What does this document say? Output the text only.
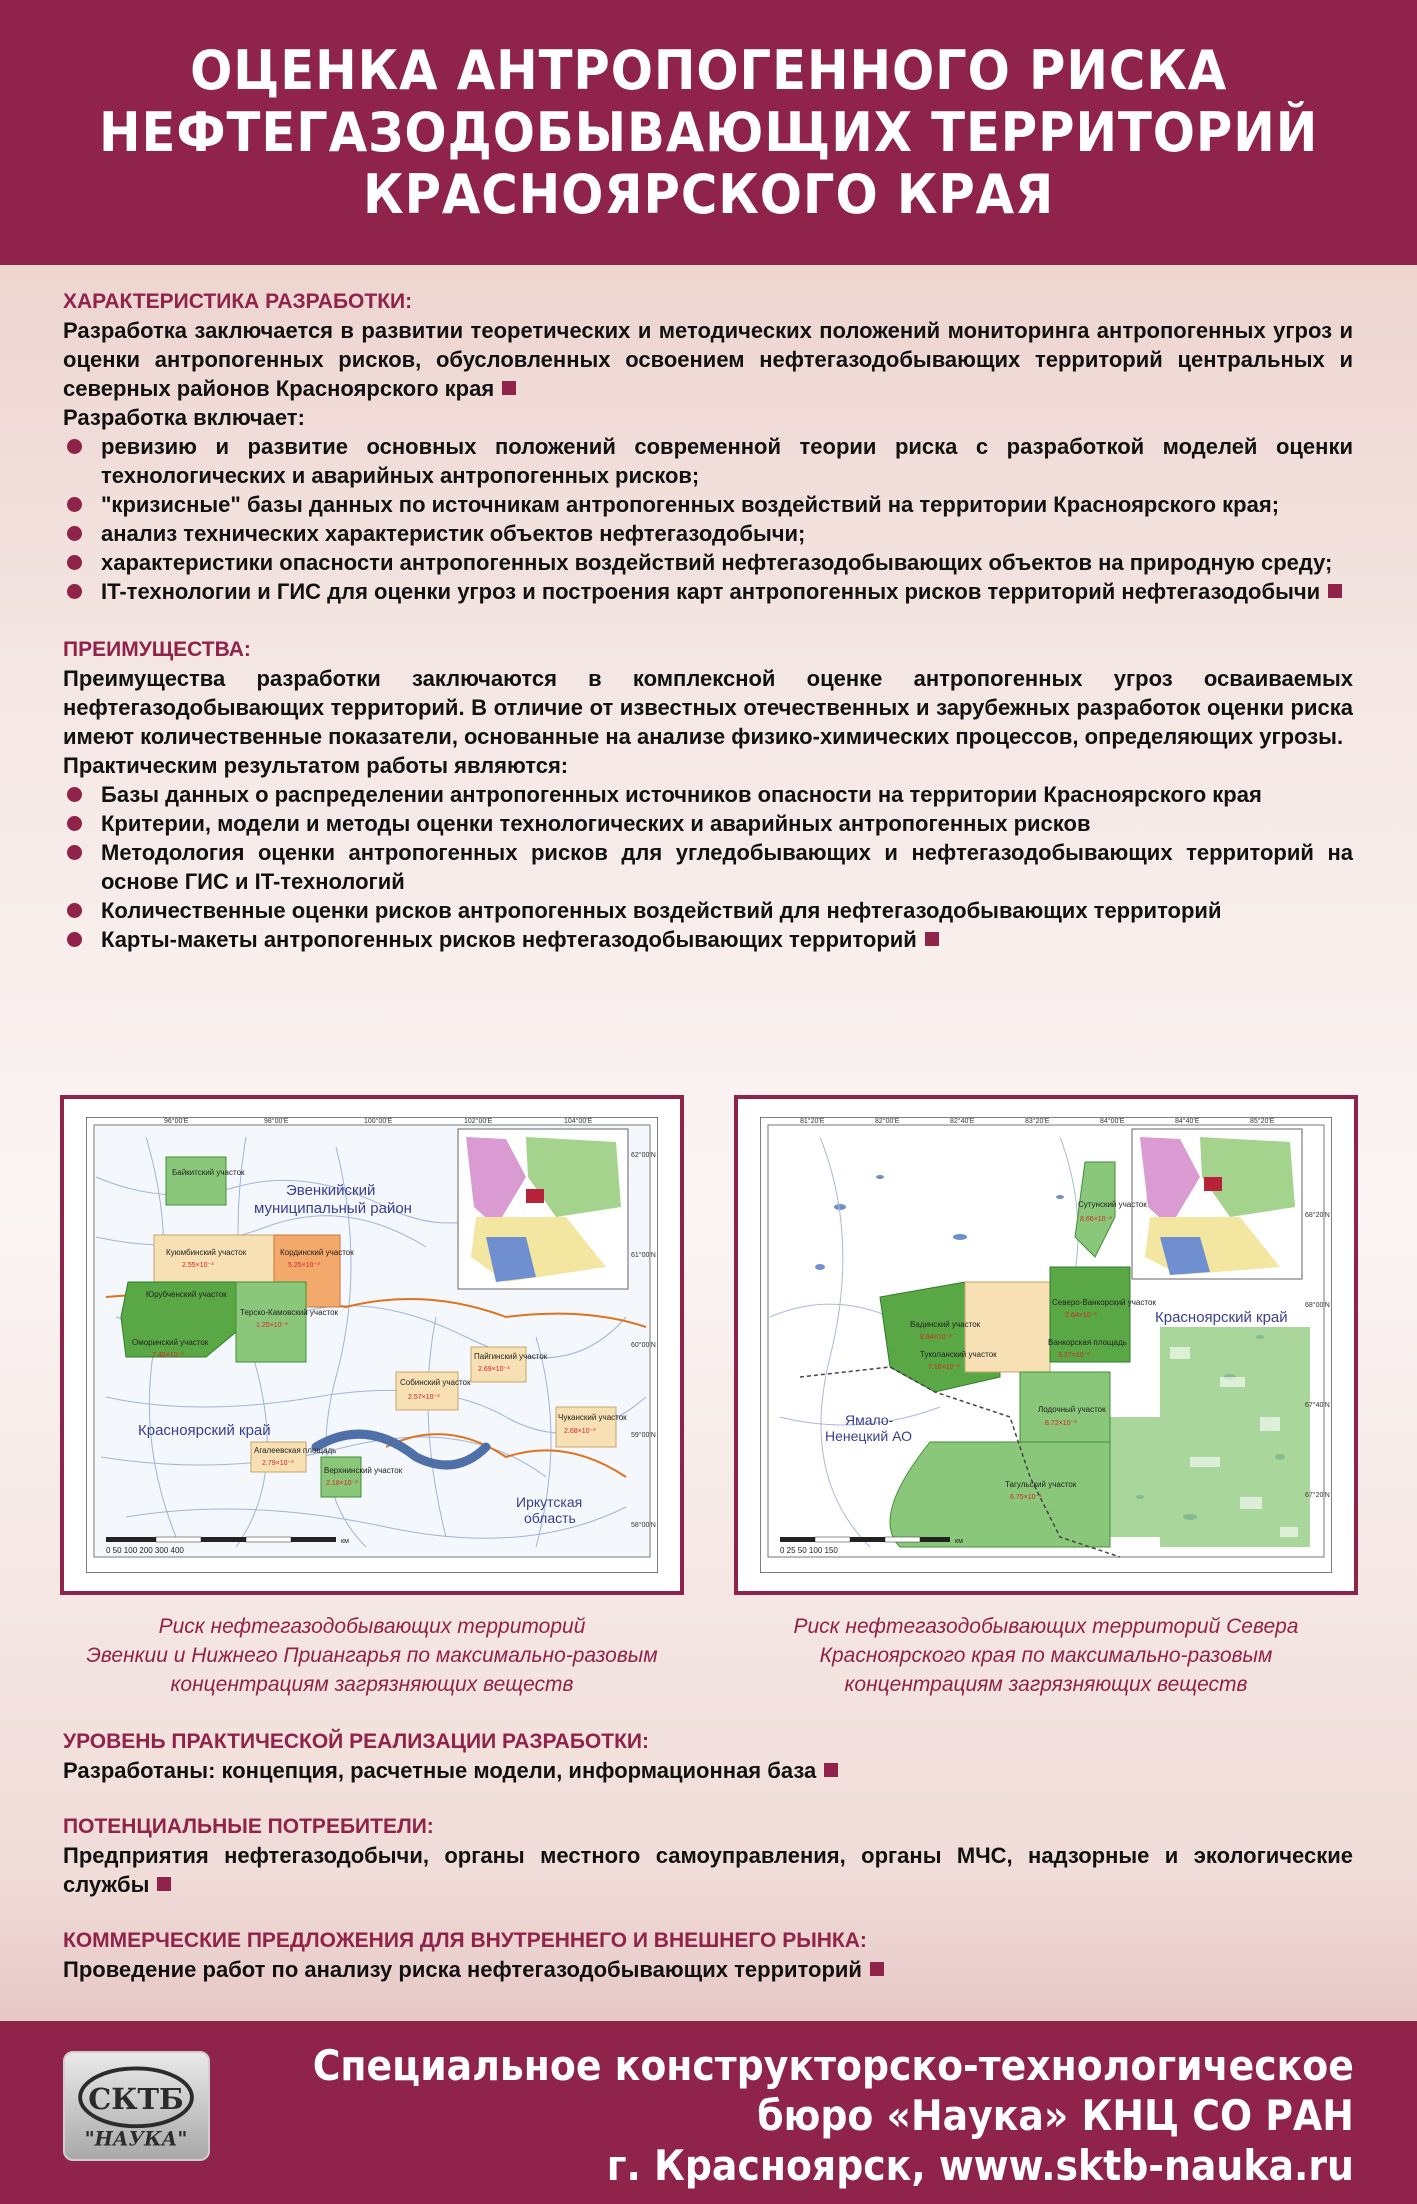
ОЦЕНКА АНТРОПОГЕННОГО РИСКА
НЕФТЕГАЗОДОБЫВАЮЩИХ ТЕРРИТОРИЙ
КРАСНОЯРСКОГО КРАЯ
ХАРАКТЕРИСТИКА РАЗРАБОТКИ:

Разработка заключается в развитии теоретических и методических положений мониторинга антропогенных угроз и оценки антропогенных рисков, обусловленных освоением нефтегазодобывающих территорий центральных и северных районов Красноярского края

Разработка включает:

ревизию и развитие основных положений современной теории риска с разработкой моделей оценки технологических и аварийных антропогенных рисков;

"кризисные" базы данных по источникам антропогенных воздействий на территории Красноярского края;

анализ технических характеристик объектов нефтегазодобычи;

характеристики опасности антропогенных воздействий нефтегазодобывающих объектов на природную среду;

IT-технологии и ГИС для оценки угроз и построения карт антропогенных рисков территорий нефтегазодобычи

ПРЕИМУЩЕСТВА:

Преимущества разработки заключаются в комплексной оценке антропогенных угроз осваиваемых нефтегазодобывающих территорий. В отличие от известных отечественных и зарубежных разработок оценки риска имеют количественные показатели, основанные на анализе физико-химических процессов, определяющих угрозы.

Практическим результатом работы являются:

Базы данных о распределении антропогенных источников опасности на территории Красноярского края

Критерии, модели и методы оценки технологических и аварийных антропогенных рисков

Методология оценки антропогенных рисков для угледобывающих и нефтегазодобывающих территорий на основе ГИС и IT-технологий

Количественные оценки рисков антропогенных воздействий для нефтегазодобывающих территорий

Карты-макеты антропогенных рисков нефтегазодобывающих территорий

96°00'E	98°00'E	100°00'E	102°00'E	104°00'E
62°00'N
61°00'N
60°00'N
59°00'N
58°00'N
Эвенкийский
муниципальный район
Красноярский край
Иркутская
область
Байкитский участок
Куюмбинский участок	Кординский участок
Юрубченский участок
Терско-Камовский участок
Оморинский участок
Пайгинский участок
Собинский участок
Чуканский участок
Агалеевская площадь
Верхнинский участок
2.55×10⁻³	5.25×10⁻³
1.25×10⁻³
7.46×10⁻³
2.69×10⁻³
2.57×10⁻³
2.68×10⁻³
2.79×10⁻³
2.18×10⁻³
0 50 100 200 300 400
км
81°20'E	82°00'E	82°40'E	83°20'E	84°00'E	84°40'E	85°20'E
68°20'N
68°00'N
67°40'N
67°20'N
Красноярский край
Ямало-
Ненецкий АО
Сутунский участок
Вадинский участок
Северо-Ванкорский участок
Туколанский участок
Ванкорская площадь
Лодочный участок
Тагульский участок
8.66×10⁻³
8.64×10⁻³
2.64×10⁻³
7.16×10⁻³
3.37×10⁻³
8.72×10⁻³
6.75×10⁻³
0 25 50 100 150
км
Риск нефтегазодобывающих территорий
Эвенкии и Нижнего Приангарья по максимально-разовым
концентрациям загрязняющих веществ
Риск нефтегазодобывающих территорий Севера
Красноярского края по максимально-разовым
концентрациям загрязняющих веществ
УРОВЕНЬ ПРАКТИЧЕСКОЙ РЕАЛИЗАЦИИ РАЗРАБОТКИ:

Разработаны: концепция, расчетные модели, информационная база

ПОТЕНЦИАЛЬНЫЕ ПОТРЕБИТЕЛИ:

Предприятия нефтегазодобычи, органы местного самоуправления, органы МЧС, надзорные и экологические службы

КОММЕРЧЕСКИЕ ПРЕДЛОЖЕНИЯ ДЛЯ ВНУТРЕННЕГО И ВНЕШНЕГО РЫНКА:

Проведение работ по анализу риска нефтегазодобывающих территорий

СКТБ
"НАУКА"
Специальное конструкторско-технологическое
бюро «Наука» КНЦ СО РАН
г. Красноярск, www.sktb-nauka.ru
